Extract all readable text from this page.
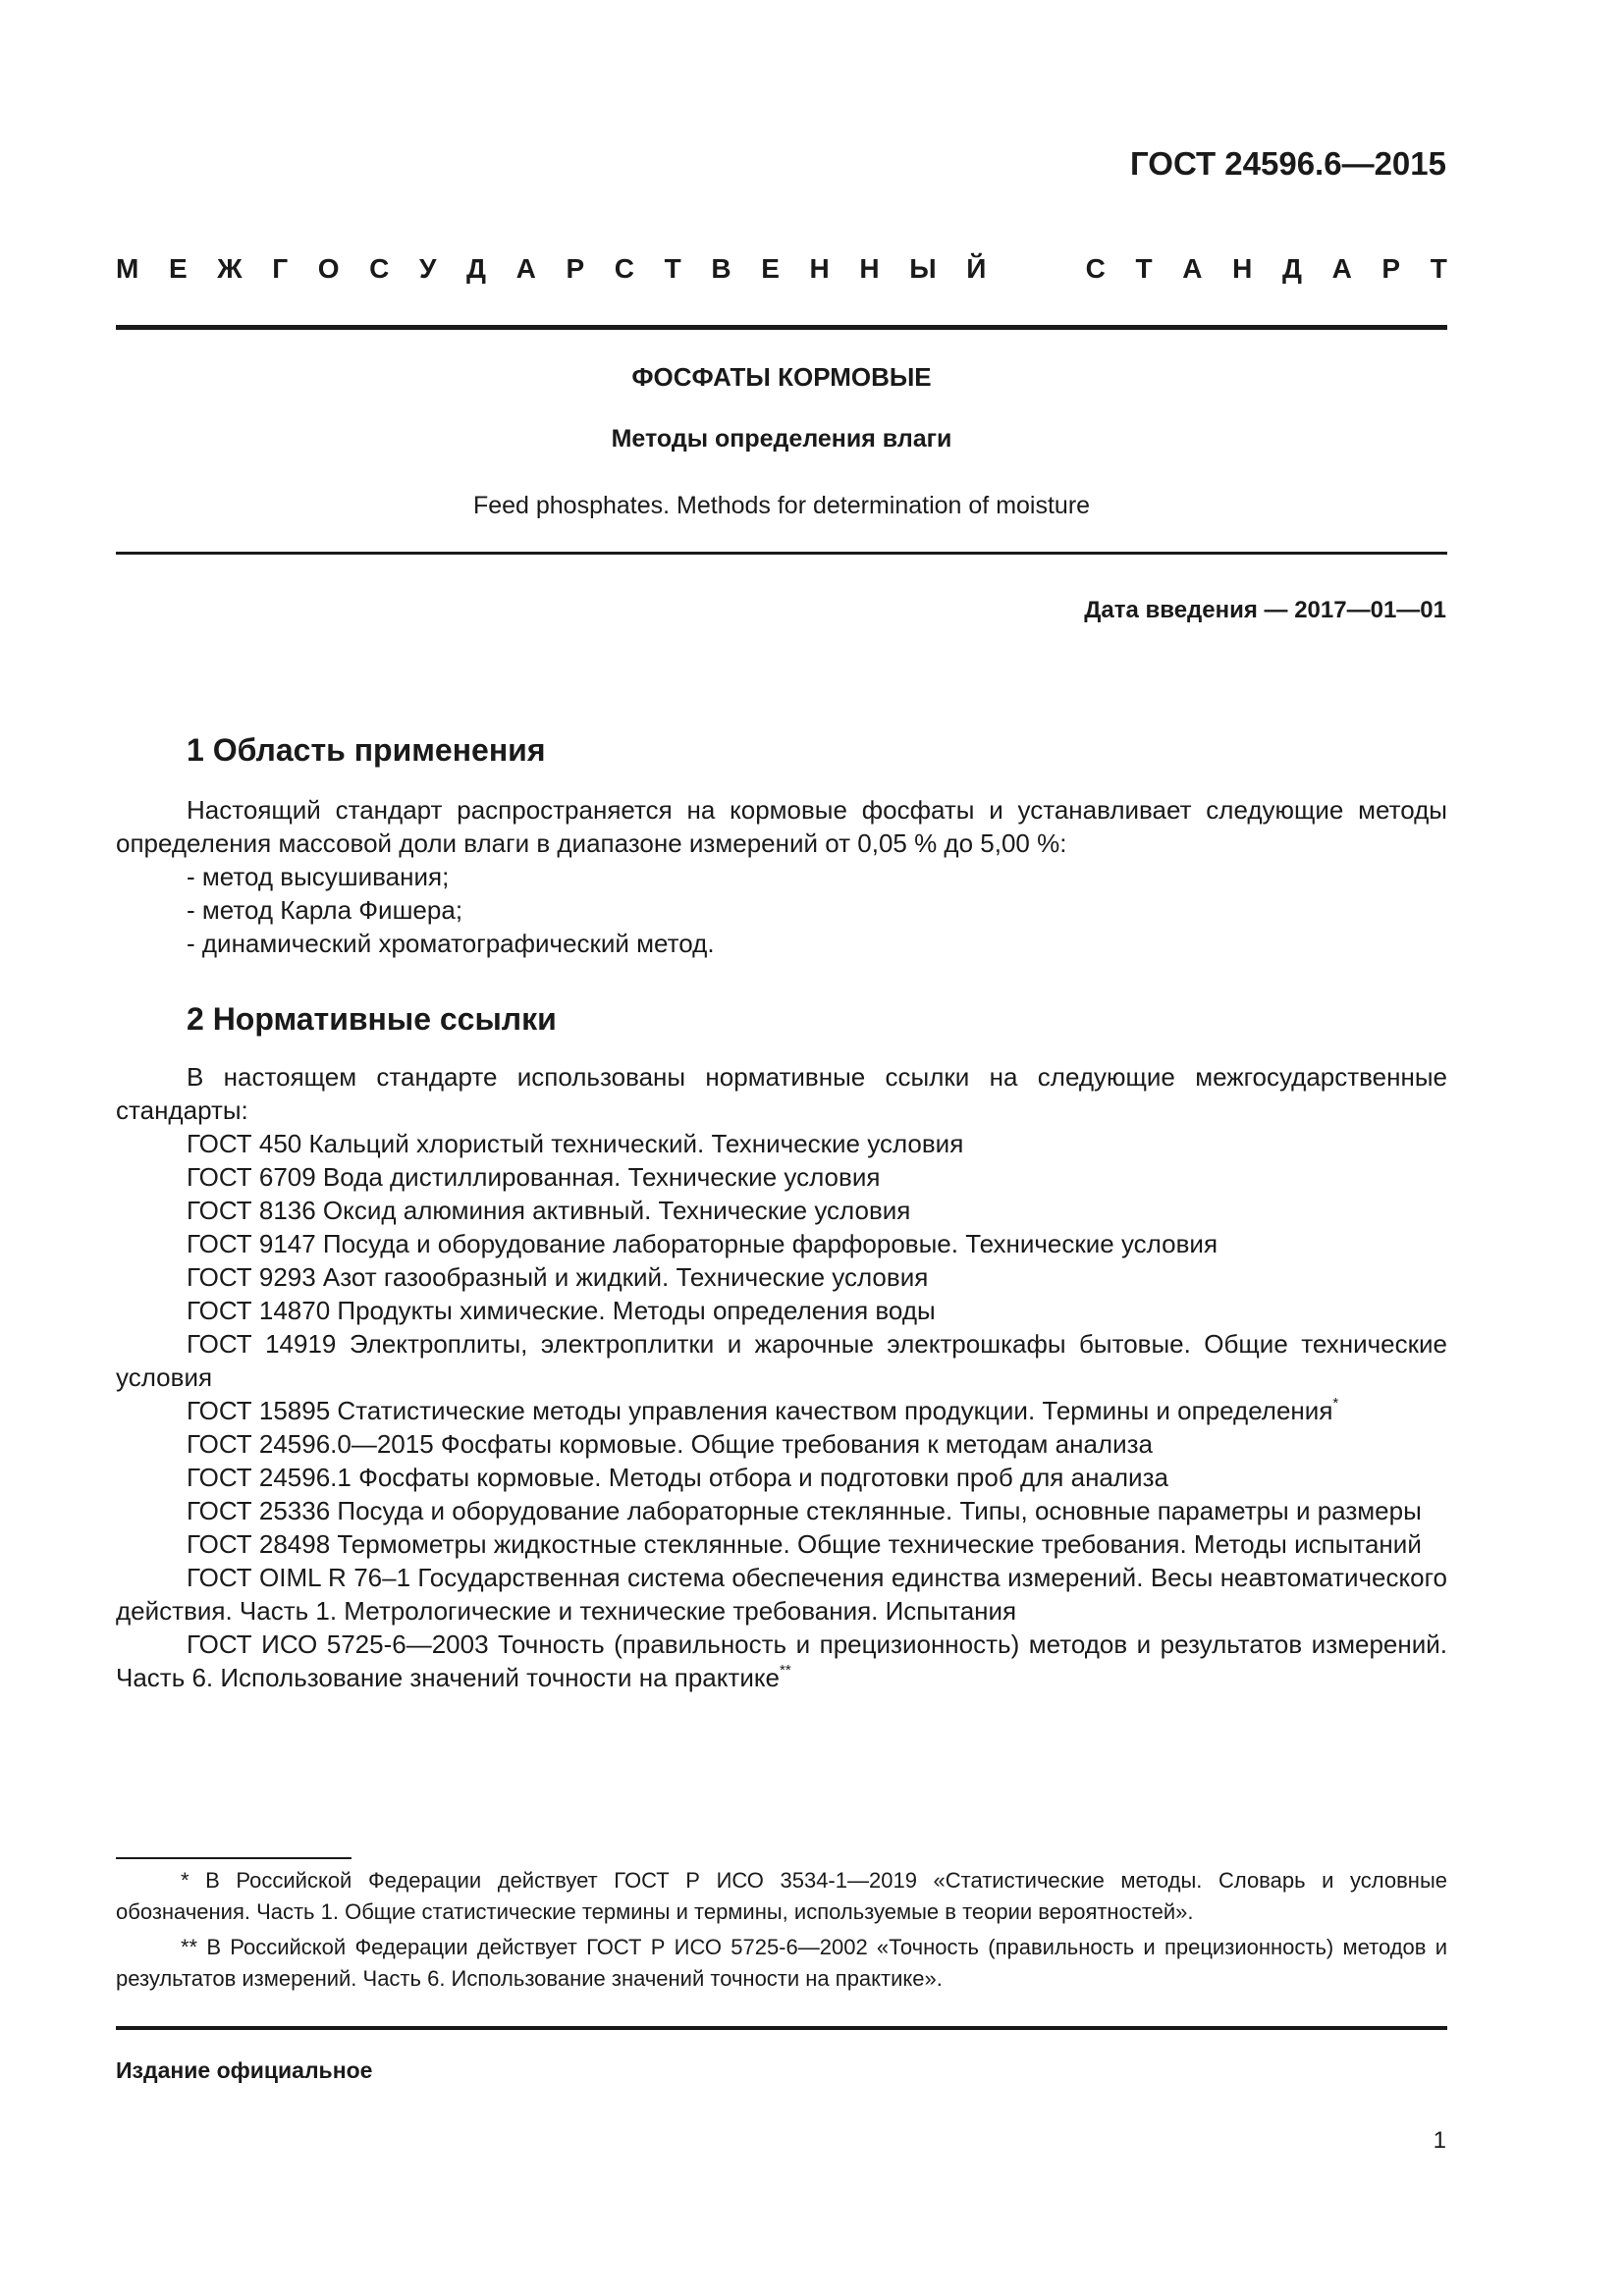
ГОСТ 24596.6—2015
М Е Ж Г О С У Д А Р С Т В Е Н Н Ы Й	С Т А Н Д А Р Т
ФОСФАТЫ КОРМОВЫЕ
Методы определения влаги
Feed phosphates. Methods for determination of moisture
Дата введения — 2017—01—01
1 Область применения

Настоящий стандарт распространяется на кормовые фосфаты и устанавливает следующие методы определения массовой доли влаги в диапазоне измерений от 0,05 % до 5,00 %:

- метод высушивания;
- метод Карла Фишера;
- динамический хроматографический метод.
2 Нормативные ссылки

В настоящем стандарте использованы нормативные ссылки на следующие межгосударственные стандарты:

ГОСТ 450 Кальций хлористый технический. Технические условия

ГОСТ 6709 Вода дистиллированная. Технические условия

ГОСТ 8136 Оксид алюминия активный. Технические условия

ГОСТ 9147 Посуда и оборудование лабораторные фарфоровые. Технические условия

ГОСТ 9293 Азот газообразный и жидкий. Технические условия

ГОСТ 14870 Продукты химические. Методы определения воды

ГОСТ 14919 Электроплиты, электроплитки и жарочные электрошкафы бытовые. Общие технические условия

ГОСТ 15895 Статистические методы управления качеством продукции. Термины и определения*

ГОСТ 24596.0—2015 Фосфаты кормовые. Общие требования к методам анализа

ГОСТ 24596.1 Фосфаты кормовые. Методы отбора и подготовки проб для анализа

ГОСТ 25336 Посуда и оборудование лабораторные стеклянные. Типы, основные параметры и размеры

ГОСТ 28498 Термометры жидкостные стеклянные. Общие технические требования. Методы испытаний

ГОСТ OIML R 76–1 Государственная система обеспечения единства измерений. Весы неавтоматического действия. Часть 1. Метрологические и технические требования. Испытания

ГОСТ ИСО 5725-6—2003 Точность (правильность и прецизионность) методов и результатов измерений. Часть 6. Использование значений точности на практике**

* В Российской Федерации действует ГОСТ Р ИСО 3534-1—2019 «Статистические методы. Словарь и условные обозначения. Часть 1. Общие статистические термины и термины, используемые в теории вероятностей».

** В Российской Федерации действует ГОСТ Р ИСО 5725-6—2002 «Точность (правильность и прецизионность) методов и результатов измерений. Часть 6. Использование значений точности на практике».

Издание официальное
1
